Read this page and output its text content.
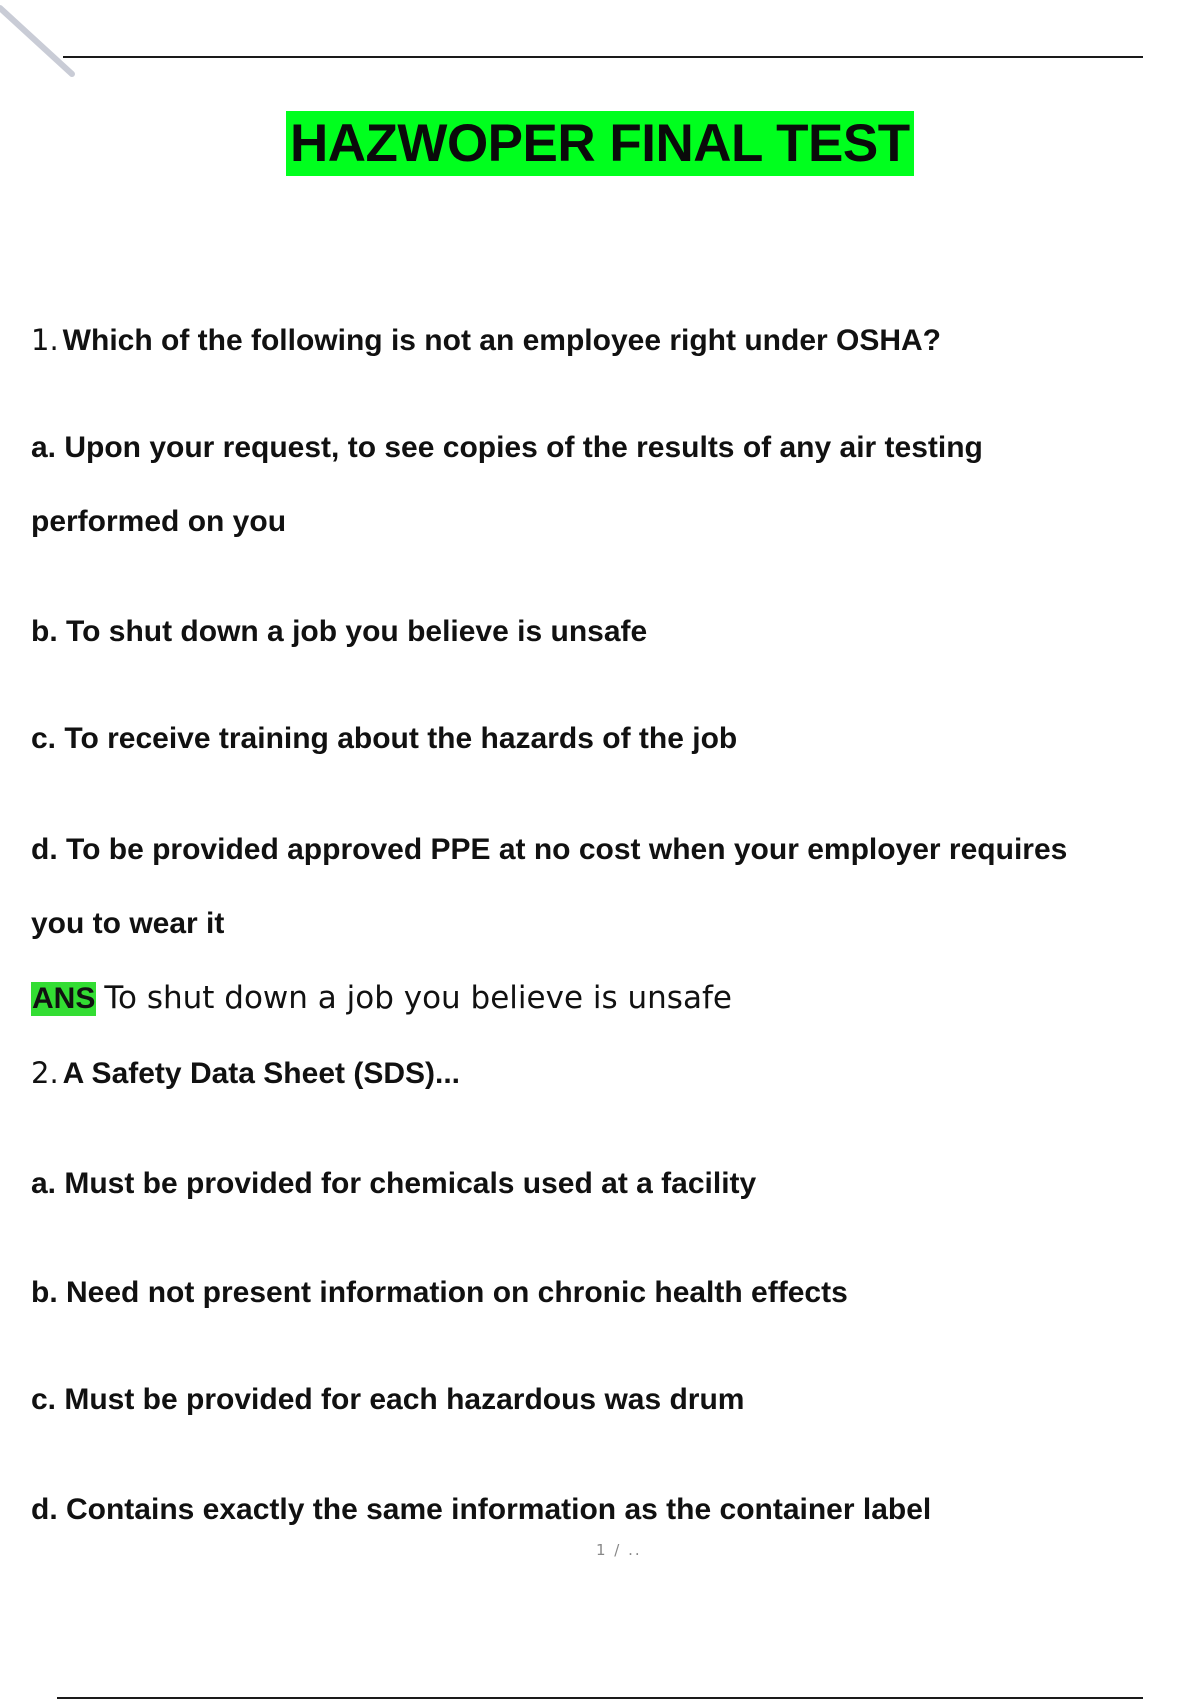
HAZWOPER FINAL TEST
1. Which of the following is not an employee right under OSHA?
a. Upon your request, to see copies of the results of any air testing
performed on you
b. To shut down a job you believe is unsafe
c. To receive training about the hazards of the job
d. To be provided approved PPE at no cost when your employer requires
you to wear it
ANS To shut down a job you believe is unsafe
2. A Safety Data Sheet (SDS)...
a. Must be provided for chemicals used at a facility
b. Need not present information on chronic health effects
c. Must be provided for each hazardous was drum
d. Contains exactly the same information as the container label
1 / ..
